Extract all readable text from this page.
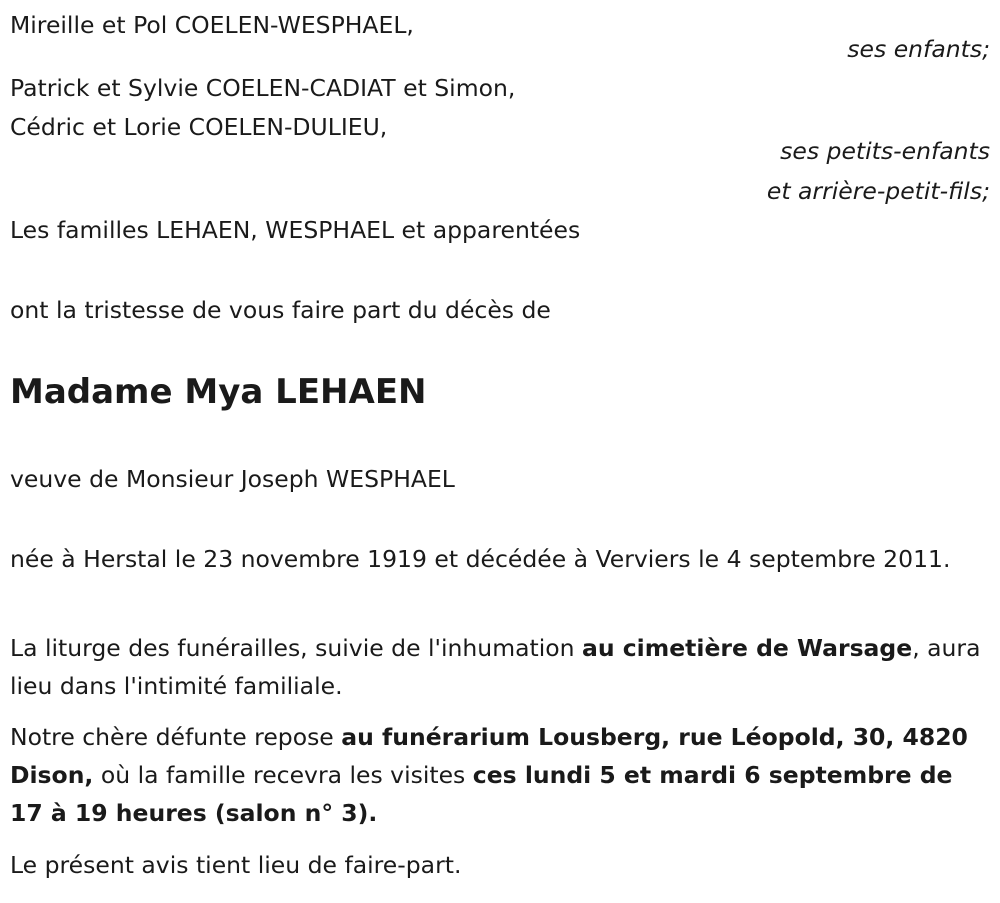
Mireille et Pol COELEN-WESPHAEL,

ses enfants;

Patrick et Sylvie COELEN-CADIAT et Simon,

Cédric et Lorie COELEN-DULIEU,

ses petits-enfants

et arrière-petit-fils;

Les familles LEHAEN, WESPHAEL et apparentées

ont la tristesse de vous faire part du décès de

Madame Mya LEHAEN

veuve de Monsieur Joseph WESPHAEL

née à Herstal le 23 novembre 1919 et décédée à Verviers le 4 septembre 2011.

La liturge des funérailles, suivie de l'inhumation au cimetière de Warsage, aura lieu dans l'intimité familiale.

Notre chère défunte repose au funérarium Lousberg, rue Léopold, 30, 4820 Dison, où la famille recevra les visites ces lundi 5 et mardi 6 septembre de 17 à 19 heures (salon n° 3).

Le présent avis tient lieu de faire-part.
